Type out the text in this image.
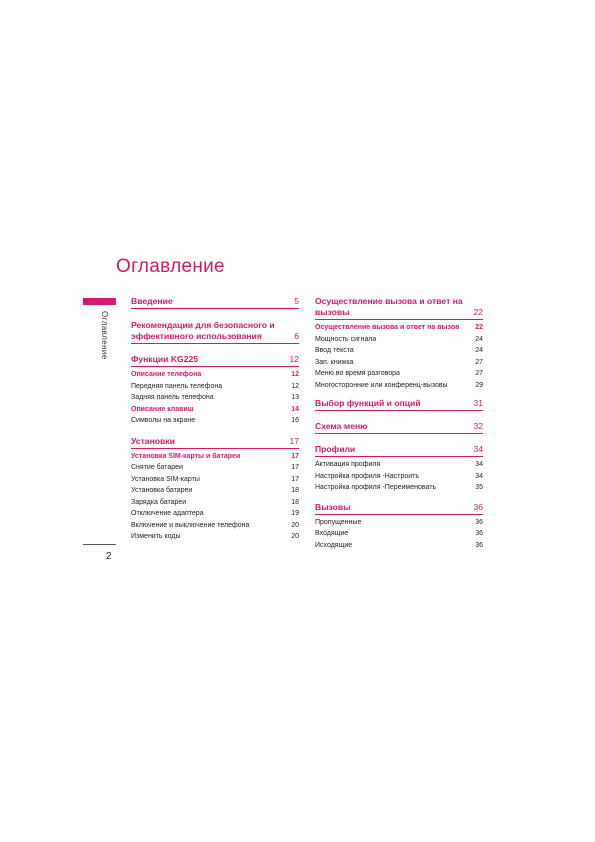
Оглавление
Оглавление
2
Введение	5
Рекомендации для безопасного и эффективного использования	6
Функции KG225	12
Описание телефона	12
Передняя панель телефона	12
Задняя панель телефона	13
Описание клавиш	14
Символы на экране	16
Установки	17
Установка SIM-карты и батареи	17
Снятие батареи	17
Установка SIM-карты	17
Установка батареи	18
Зарядка батареи	18
Отключение адаптера	19
Включение и выключение телефона	20
Изменить коды	20
Осуществление вызова и ответ на вызовы	22
Осуществление вызова и ответ на вызов 22
Мощность сигнала	24
Ввод текста	24
Зап. книжка	27
Меню во время разговора	27
Многосторонние или конференц-вызовы	29
Выбор функций и опций	31
Схема меню	32
Профили	34
Активация профиля	34
Настройка профиля -Настроить	34
Настройка профиля -Переименовать	35
Вызовы	36
Пропущенные	36
Входящие	36
Исходящие	36
